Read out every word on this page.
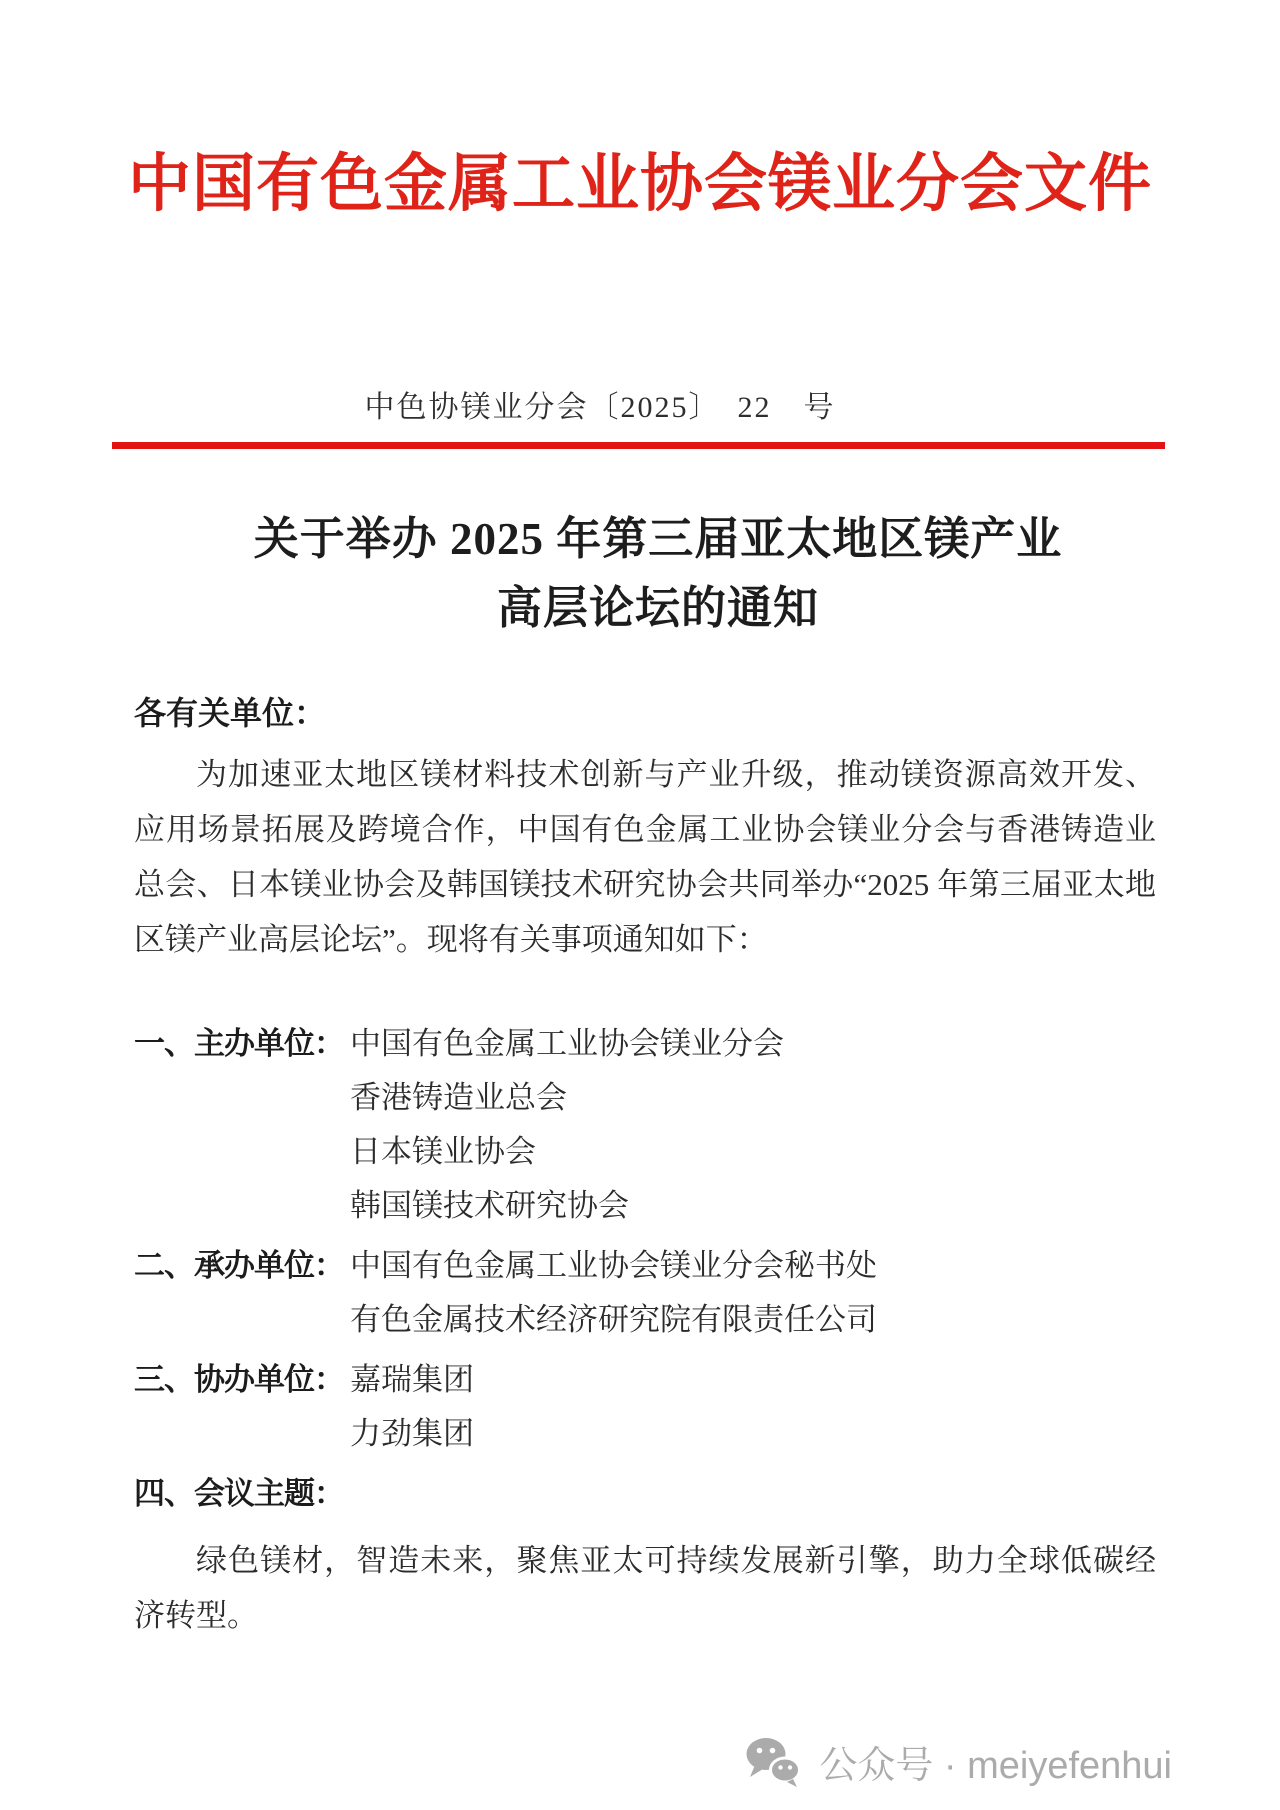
中国有色金属工业协会镁业分会文件
中色协镁业分会〔2025〕　22　号
关于举办 2025 年第三届亚太地区镁产业
高层论坛的通知
各有关单位：

为加速亚太地区镁材料技术创新与产业升级，推动镁资源高效开发、应用场景拓展及跨境合作，中国有色金属工业协会镁业分会与香港铸造业总会、日本镁业协会及韩国镁技术研究协会共同举办“2025 年第三届亚太地区镁产业高层论坛”。现将有关事项通知如下：

一、主办单位： 中国有色金属工业协会镁业分会
香港铸造业总会
日本镁业协会
韩国镁技术研究协会
二、承办单位： 中国有色金属工业协会镁业分会秘书处
有色金属技术经济研究院有限责任公司
三、协办单位： 嘉瑞集团
力劲集团
四、会议主题：

绿色镁材，智造未来，聚焦亚太可持续发展新引擎，助力全球低碳经济转型。

公众号 · meiyefenhui
